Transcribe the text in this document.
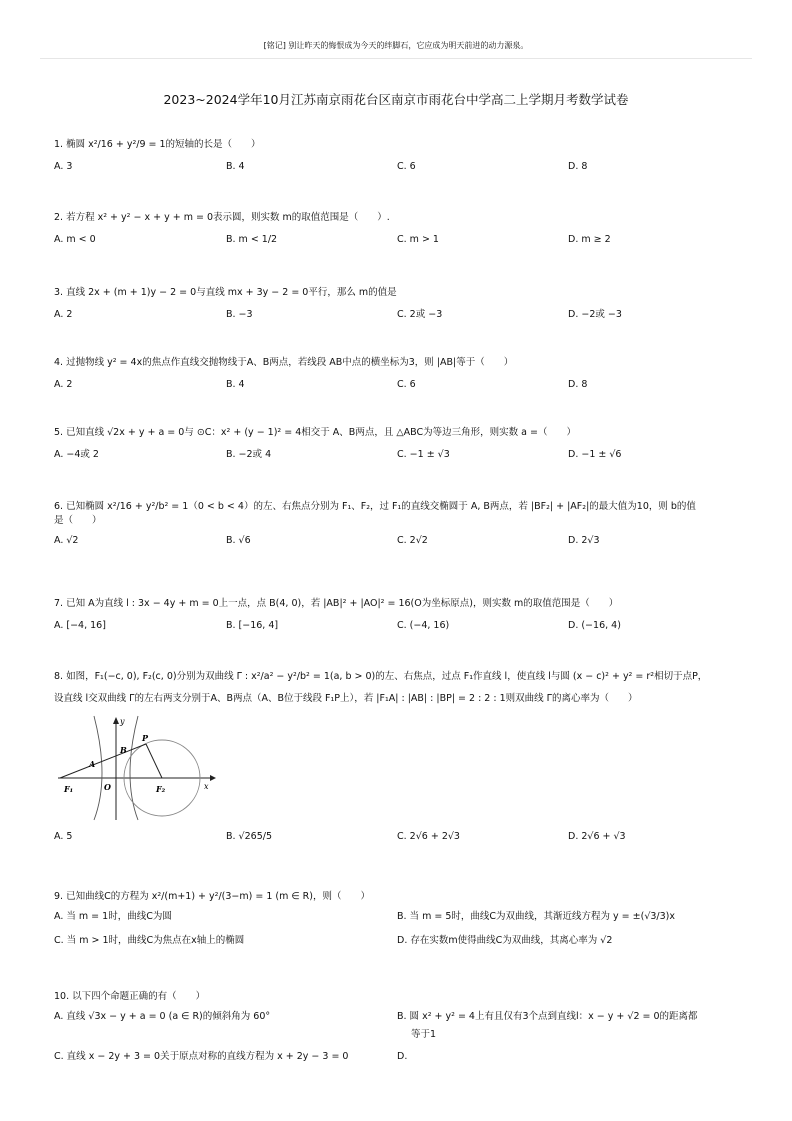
[铭记] 别让昨天的悔恨成为今天的绊脚石，它应成为明天前进的动力源泉。
2023~2024学年10月江苏南京雨花台区南京市雨花台中学高二上学期月考数学试卷
1. 椭圆 x²/16 + y²/9 = 1的短轴的长是（　　）
A. 3	B. 4	C. 6	D. 8
2. 若方程 x² + y² − x + y + m = 0表示圆，则实数 m的取值范围是（　　）.
A. m < 0	B. m < 1/2	C. m > 1	D. m ≥ 2
3. 直线 2x + (m + 1)y − 2 = 0与直线 mx + 3y − 2 = 0平行，那么 m的值是
A. 2	B. −3	C. 2或 −3	D. −2或 −3
4. 过抛物线 y² = 4x的焦点作直线交抛物线于A、B两点，若线段 AB中点的横坐标为3，则 |AB|等于（　　）
A. 2	B. 4	C. 6	D. 8
5. 已知直线 √2x + y + a = 0与 ⊙C：x² + (y − 1)² = 4相交于 A、B两点，且 △ABC为等边三角形，则实数 a =（　　）
A. −4或 2	B. −2或 4	C. −1 ± √3	D. −1 ± √6
6. 已知椭圆 x²/16 + y²/b² = 1（0 < b < 4）的左、右焦点分别为 F₁、F₂，过 F₁的直线交椭圆于 A, B两点，若 |BF₂| + |AF₂|的最大值为10，则 b的值
是（　　）
A. √2	B. √6	C. 2√2	D. 2√3
7. 已知 A为直线 l : 3x − 4y + m = 0上一点，点 B(4, 0)，若 |AB|² + |AO|² = 16(O为坐标原点)，则实数 m的取值范围是（　　）
A. [−4, 16]	B. [−16, 4]	C. (−4, 16)	D. (−16, 4)
8. 如图，F₁(−c, 0), F₂(c, 0)分别为双曲线 Γ : x²/a² − y²/b² = 1(a, b > 0)的左、右焦点，过点 F₁作直线 l，使直线 l与圆 (x − c)² + y² = r²相切于点P，
设直线 l交双曲线 Γ的左右两支分别于A、B两点（A、B位于线段 F₁P上），若 |F₁A| : |AB| : |BP| = 2 : 2 : 1则双曲线 Γ的离心率为（　　）
y
B
P
A
F₁	O	F₂	x
A. 5	B. √265/5	C. 2√6 + 2√3	D. 2√6 + √3
9. 已知曲线C的方程为 x²/(m+1) + y²/(3−m) = 1 (m ∈ R)，则（　　）
A. 当 m = 1时，曲线C为圆	B. 当 m = 5时，曲线C为双曲线，其渐近线方程为 y = ±(√3/3)x
C. 当 m > 1时，曲线C为焦点在x轴上的椭圆	D. 存在实数m使得曲线C为双曲线，其离心率为 √2
10. 以下四个命题正确的有（　　）
A. 直线 √3x − y + a = 0 (a ∈ R)的倾斜角为 60°	B. 圆 x² + y² = 4上有且仅有3个点到直线l：x − y + √2 = 0的距离都
等于1
C. 直线 x − 2y + 3 = 0关于原点对称的直线方程为 x + 2y − 3 = 0	D.
